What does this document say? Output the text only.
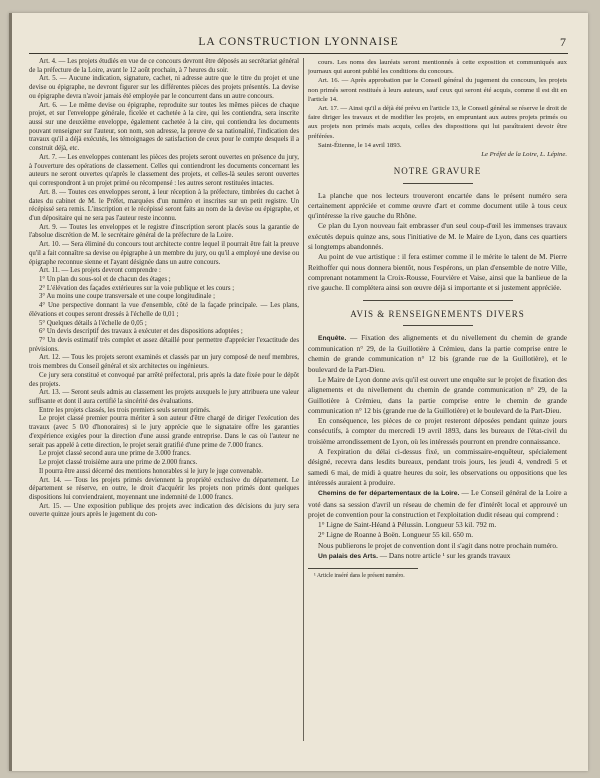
LA CONSTRUCTION LYONNAISE	7

Art. 4. — Les projets étudiés en vue de ce concours devront être déposés au secrétariat général de la préfecture de la Loire, avant le 12 août prochain, à 7 heures du soir.

Art. 5. — Aucune indication, signature, cachet, ni adresse autre que le titre du projet et une devise ou épigraphe, ne devront figurer sur les différentes pièces des projets présentés. La devise ou épigraphe devra n'avoir jamais été employée par le concurrent dans un autre concours.

Art. 6. — Le même devise ou épigraphe, reproduite sur toutes les mêmes pièces de chaque projet, et sur l'enveloppe générale, ficelée et cachetée à la cire, qui les contiendra, sera inscrite aussi sur une deuxième enveloppe, également cachetée à la cire, qui contiendra les documents pouvant renseigner sur l'auteur, son nom, son adresse, la preuve de sa nationalité, l'indication des travaux qu'il a déjà exécutés, les témoignages de satisfaction de ceux pour le compte desquels il a construit déjà, etc.

Art. 7. — Les enveloppes contenant les pièces des projets seront ouvertes en présence du jury, à l'ouverture des opérations de classement. Celles qui contiendront les documents concernant les auteurs ne seront ouvertes qu'après le classement des projets, et celles-là seules seront ouvertes qui correspondront à un projet primé ou récompensé : les autres seront restituées intactes.

Art. 8. — Toutes ces enveloppes seront, à leur réception à la préfecture, timbrées du cachet à dates du cabinet de M. le Préfet, marquées d'un numéro et inscrites sur un petit registre. Un récépissé sera remis. L'inscription et le récépissé seront faits au nom de la devise ou épigraphe, et d'un dépositaire qui ne sera pas l'auteur reste inconnu.

Art. 9. — Toutes les enveloppes et le registre d'inscription seront placés sous la garantie de l'absolue discrétion de M. le secrétaire général de la préfecture de la Loire.

Art. 10. — Sera éliminé du concours tout architecte contre lequel il pourrait être fait la preuve qu'il a fait connaître sa devise ou épigraphe à un membre du jury, ou qu'il a employé une devise ou épigraphe reconnue sienne et l'ayant désignée dans un autre concours.

Art. 11. — Les projets devront comprendre :

1° Un plan du sous-sol et de chacun des étages ;

2° L'élévation des façades extérieures sur la voie publique et les cours ;

3° Au moins une coupe transversale et une coupe longitudinale ;

4° Une perspective donnant la vue d'ensemble, côté de la façade principale. — Les plans, élévations et coupes seront dressés à l'échelle de 0,01 ;

5° Quelques détails à l'échelle de 0,05 ;

6° Un devis descriptif des travaux à exécuter et des dispositions adoptées ;

7° Un devis estimatif très complet et assez détaillé pour permettre d'apprécier l'exactitude des prévisions.

Art. 12. — Tous les projets seront examinés et classés par un jury composé de neuf membres, trois membres du Conseil général et six architectes ou ingénieurs.

Ce jury sera constitué et convoqué par arrêté préfectoral, pris après la date fixée pour le dépôt des projets.

Art. 13. — Seront seuls admis au classement les projets auxquels le jury attribuera une valeur suffisante et dont il aura certifié la sincérité des évaluations.

Entre les projets classés, les trois premiers seuls seront primés.

Le projet classé premier pourra mériter à son auteur d'être chargé de diriger l'exécution des travaux (avec 5 0/0 d'honoraires) si le jury apprécie que le signataire offre les garanties d'expérience exigées pour la direction d'une aussi grande entreprise. Dans le cas où l'auteur ne serait pas appelé à cette direction, le projet serait gratifié d'une prime de 7.000 francs.

Le projet classé second aura une prime de 3.000 francs.

Le projet classé troisième aura une prime de 2.000 francs.

Il pourra être aussi décerné des mentions honorables si le jury le juge convenable.

Art. 14. — Tous les projets primés deviennent la propriété exclusive du département. Le département se réserve, en outre, le droit d'acquérir les projets non primés dont quelques dispositions lui conviendraient, moyennant une indemnité de 1.000 francs.

Art. 15. — Une exposition publique des projets avec indication des décisions du jury sera ouverte quinze jours après le jugement du con-

cours. Les noms des lauréats seront mentionnés à cette exposition et communiqués aux journaux qui auront publié les conditions du concours.

Art. 16. — Après approbation par le Conseil général du jugement du concours, les projets non primés seront restitués à leurs auteurs, sauf ceux qui seront été acquis, comme il est dit en l'article 14.

Art. 17. — Ainsi qu'il a déjà été prévu en l'article 13, le Conseil général se réserve le droit de faire diriger les travaux et de modifier les projets, en empruntant aux autres projets primés ou aux projets non primés mais acquis, celles des dispositions qui lui paraîtraient devoir être préférées.

Saint-Étienne, le 14 avril 1893.

Le Préfet de la Loire, L. Lépine.

NOTRE GRAVURE

La planche que nos lecteurs trouveront encartée dans le présent numéro sera certainement appréciée et comme œuvre d'art et comme document utile à tous ceux qu'intéresse la rive gauche du Rhône.

Ce plan du Lyon nouveau fait embrasser d'un seul coup-d'œil les immenses travaux exécutés depuis quinze ans, sous l'initiative de M. le Maire de Lyon, dans ces quartiers si longtemps abandonnés.

Au point de vue artistique : il fera estimer comme il le mérite le talent de M. Pierre Reithoffer qui nous donnera bientôt, nous l'espérons, un plan d'ensemble de notre Ville, comprenant notamment la Croix-Rousse, Fourvière et Vaise, ainsi que la banlieue de la rive gauche. Il complétera ainsi son œuvre déjà si importante et si justement appréciée.

AVIS & RENSEIGNEMENTS DIVERS

Enquête. — Fixation des alignements et du nivellement du chemin de grande communication n° 29, de la Guillotière à Crémieu, dans la partie comprise entre le chemin de grande communication n° 12 bis (grande rue de la Guillotière), et le boulevard de la Part-Dieu.

Le Maire de Lyon donne avis qu'il est ouvert une enquête sur le projet de fixation des alignements et du nivellement du chemin de grande communication n° 29, de la Guillotière à Crémieu, dans la partie comprise entre le chemin de grande communication n° 12 bis (grande rue de la Guillotière) et le boulevard de la Part-Dieu.

En conséquence, les pièces de ce projet resteront déposées pendant quinze jours consécutifs, à compter du mercredi 19 avril 1893, dans les bureaux de l'état-civil du troisième arrondissement de Lyon, où les intéressés pourront en prendre connaissance.

A l'expiration du délai ci-dessus fixé, un commissaire-enquêteur, spécialement désigné, recevra dans lesdits bureaux, pendant trois jours, les jeudi 4, vendredi 5 et samedi 6 mai, de midi à quatre heures du soir, les observations ou oppositions que les intéressés auraient à produire.

Chemins de fer départementaux de la Loire. — Le Conseil général de la Loire a voté dans sa session d'avril un réseau de chemin de fer d'intérêt local et approuvé un projet de convention pour la construction et l'exploitation dudit réseau qui comprend :

1° Ligne de Saint-Héand à Pélussin. Longueur 53 kil. 792 m.

2° Ligne de Roanne à Boën. Longueur 55 kil. 650 m.

Nous publierons le projet de convention dont il s'agit dans notre prochain numéro.

Un palais des Arts. — Dans notre article ¹ sur les grands travaux

¹ Article inséré dans le présent numéro.
